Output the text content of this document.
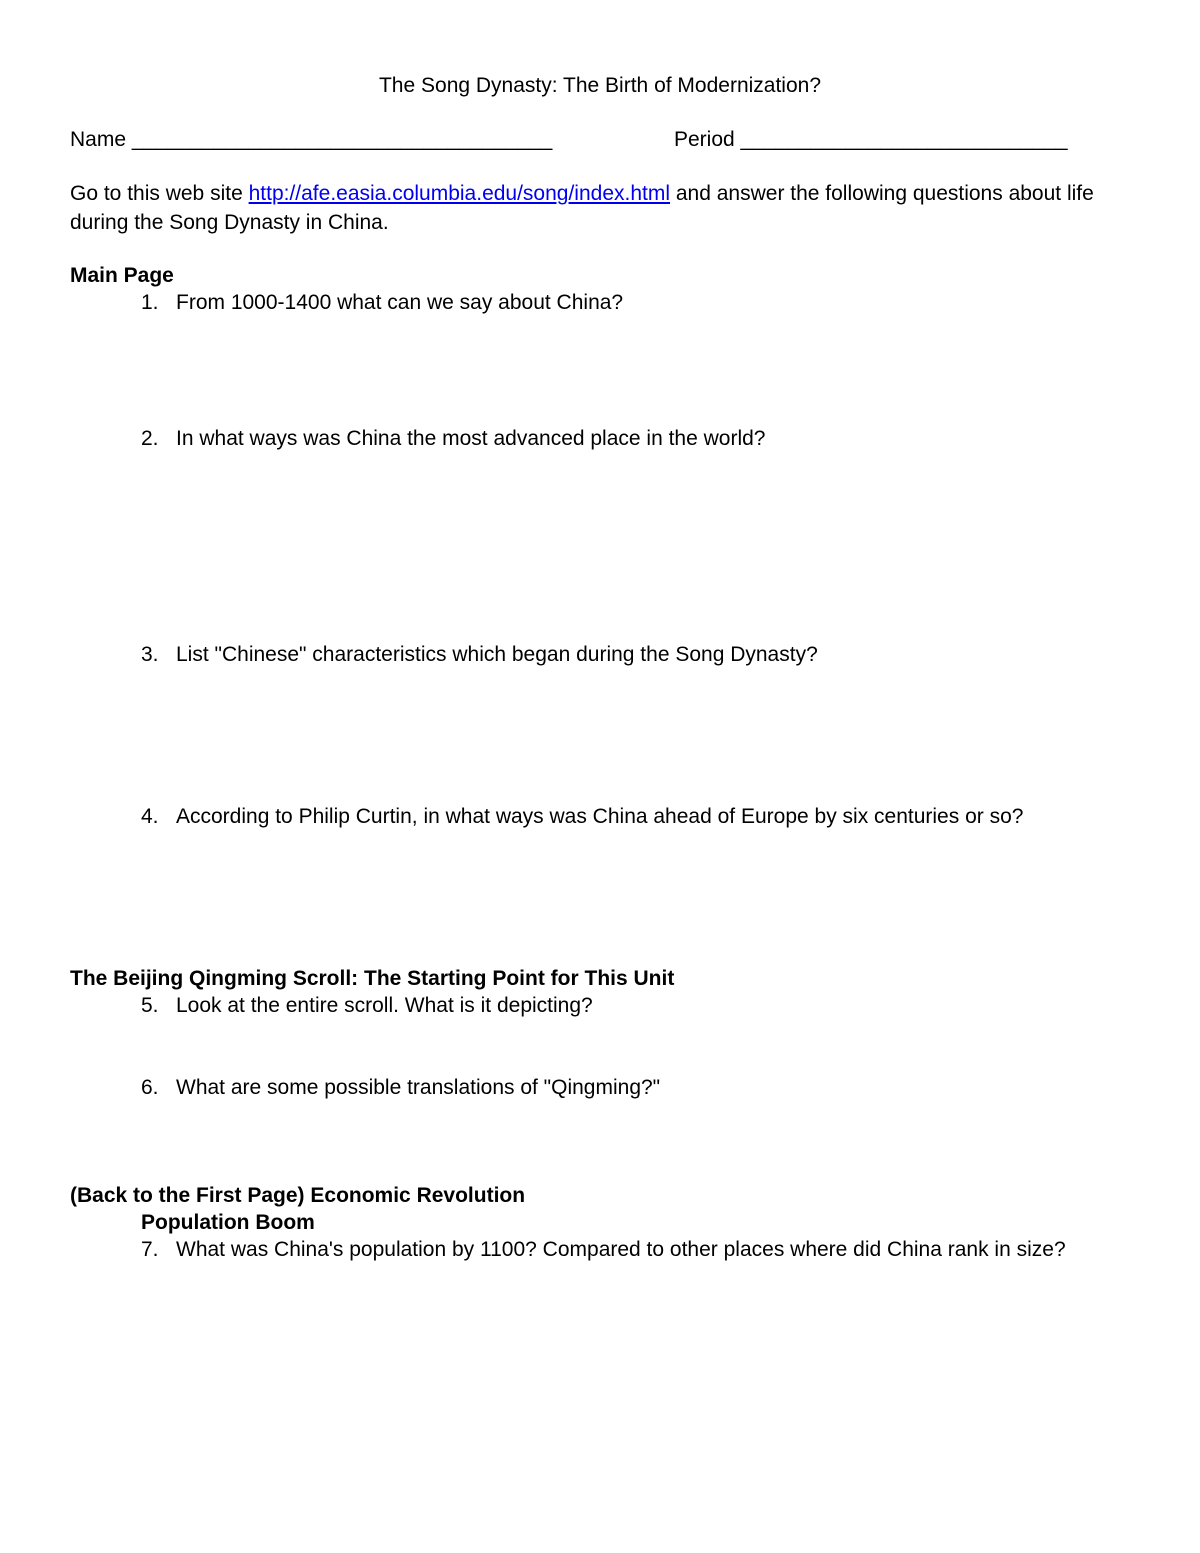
The Song Dynasty: The Birth of Modernization?

Name ____________________________________	Period ____________________________

Go to this web site http://afe.easia.columbia.edu/song/index.html and answer the following questions about life during the Song Dynasty in China.

Main Page

1. From 1000-1400 what can we say about China?

2. In what ways was China the most advanced place in the world?

3. List "Chinese" characteristics which began during the Song Dynasty?

4. According to Philip Curtin, in what ways was China ahead of Europe by six centuries or so?

The Beijing Qingming Scroll: The Starting Point for This Unit

5. Look at the entire scroll. What is it depicting?

6. What are some possible translations of "Qingming?"

(Back to the First Page) Economic Revolution

Population Boom

7. What was China's population by 1100? Compared to other places where did China rank in size?
